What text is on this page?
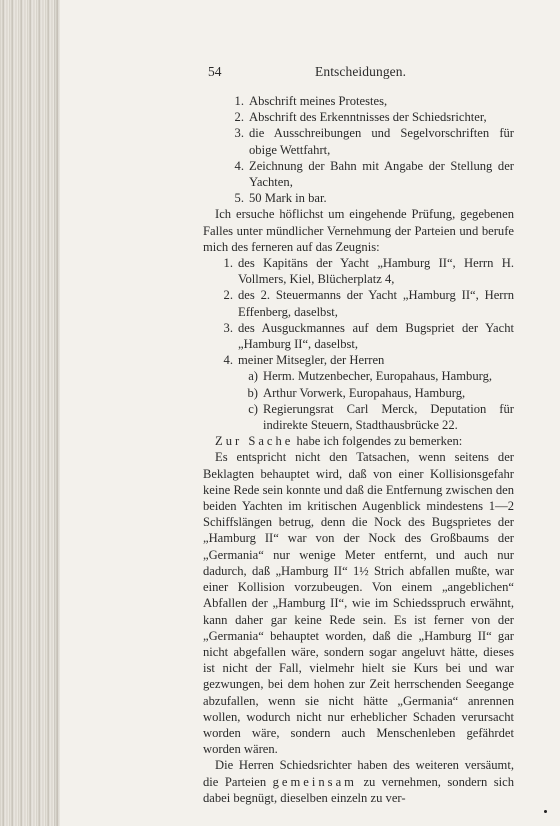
54	Entscheidungen.
1. Abschrift meines Protestes,
2. Abschrift des Erkenntnisses der Schiedsrichter,
3. die Ausschreibungen und Segelvorschriften für obige Wettfahrt,
4. Zeichnung der Bahn mit Angabe der Stellung der Yachten,
5. 50 Mark in bar.

Ich ersuche höflichst um eingehende Prüfung, gegebenen Falles unter mündlicher Vernehmung der Parteien und berufe mich des ferneren auf das Zeugnis:

1. des Kapitäns der Yacht „Hamburg II“, Herrn H. Vollmers, Kiel, Blücherplatz 4,
2. des 2. Steuermanns der Yacht „Hamburg II“, Herrn Effenberg, daselbst,
3. des Ausguckmannes auf dem Bugspriet der Yacht „Hamburg II“, daselbst,
4. meiner Mitsegler, der Herren
a) Herm. Mutzenbecher, Europahaus, Hamburg,
b) Arthur Vorwerk, Europahaus, Hamburg,
c) Regierungsrat Carl Merck, Deputation für indirekte Steuern, Stadthausbrücke 22.

Zur Sache habe ich folgendes zu bemerken:

Es entspricht nicht den Tatsachen, wenn seitens der Beklagten behauptet wird, daß von einer Kollisionsgefahr keine Rede sein konnte und daß die Entfernung zwischen den beiden Yachten im kritischen Augenblick mindestens 1—2 Schiffslängen betrug, denn die Nock des Bugsprietes der „Hamburg II“ war von der Nock des Großbaums der „Germania“ nur wenige Meter entfernt, und auch nur dadurch, daß „Hamburg II“ 1½ Strich abfallen mußte, war einer Kollision vorzubeugen. Von einem „angeblichen“ Abfallen der „Hamburg II“, wie im Schiedsspruch erwähnt, kann daher gar keine Rede sein. Es ist ferner von der „Germania“ behauptet worden, daß die „Hamburg II“ gar nicht abgefallen wäre, sondern sogar angeluvt hätte, dieses ist nicht der Fall, vielmehr hielt sie Kurs bei und war gezwungen, bei dem hohen zur Zeit herrschenden Seegange abzufallen, wenn sie nicht hätte „Germania“ anrennen wollen, wodurch nicht nur erheblicher Schaden verursacht worden wäre, sondern auch Menschenleben gefährdet worden wären.

Die Herren Schiedsrichter haben des weiteren versäumt, die Parteien gemeinsam zu vernehmen, sondern sich dabei begnügt, dieselben einzeln zu ver-
